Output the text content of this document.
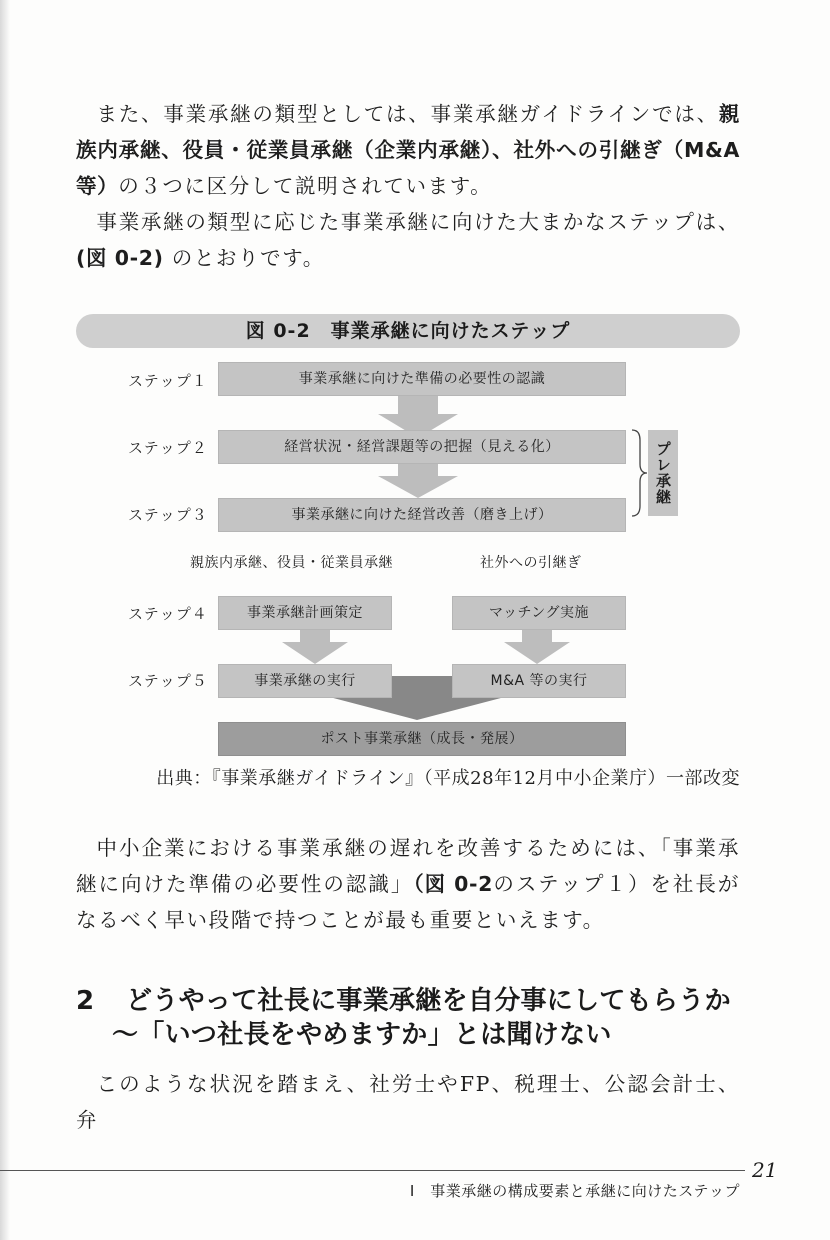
また、事業承継の類型としては、事業承継ガイドラインでは、親族内承継、役員・従業員承継（企業内承継）、社外への引継ぎ（M&A等）の３つに区分して説明されています。

事業承継の類型に応じた事業承継に向けた大まかなステップは、(図 0-2) のとおりです。

図 0-2　事業承継に向けたステップ
ステップ１	事業承継に向けた準備の必要性の認識
ステップ２	経営状況・経営課題等の把握（見える化）
ステップ３	事業承継に向けた経営改善（磨き上げ）
プレ承継
親族内承継、役員・従業員承継	社外への引継ぎ
ステップ４	事業承継計画策定	マッチング実施
ステップ５	事業承継の実行	M&A 等の実行
ポスト事業承継（成長・発展）
出典：『事業承継ガイドライン』（平成28年12月中小企業庁）一部改変

中小企業における事業承継の遅れを改善するためには、「事業承継に向けた準備の必要性の認識」（図 0-2のステップ１）を社長がなるべく早い段階で持つことが最も重要といえます。

2 どうやって社長に事業承継を自分事にしてもらうか
～「いつ社長をやめますか」とは聞けない

このような状況を踏まえ、社労士やFP、税理士、公認会計士、弁

21
Ⅰ　事業承継の構成要素と承継に向けたステップ
